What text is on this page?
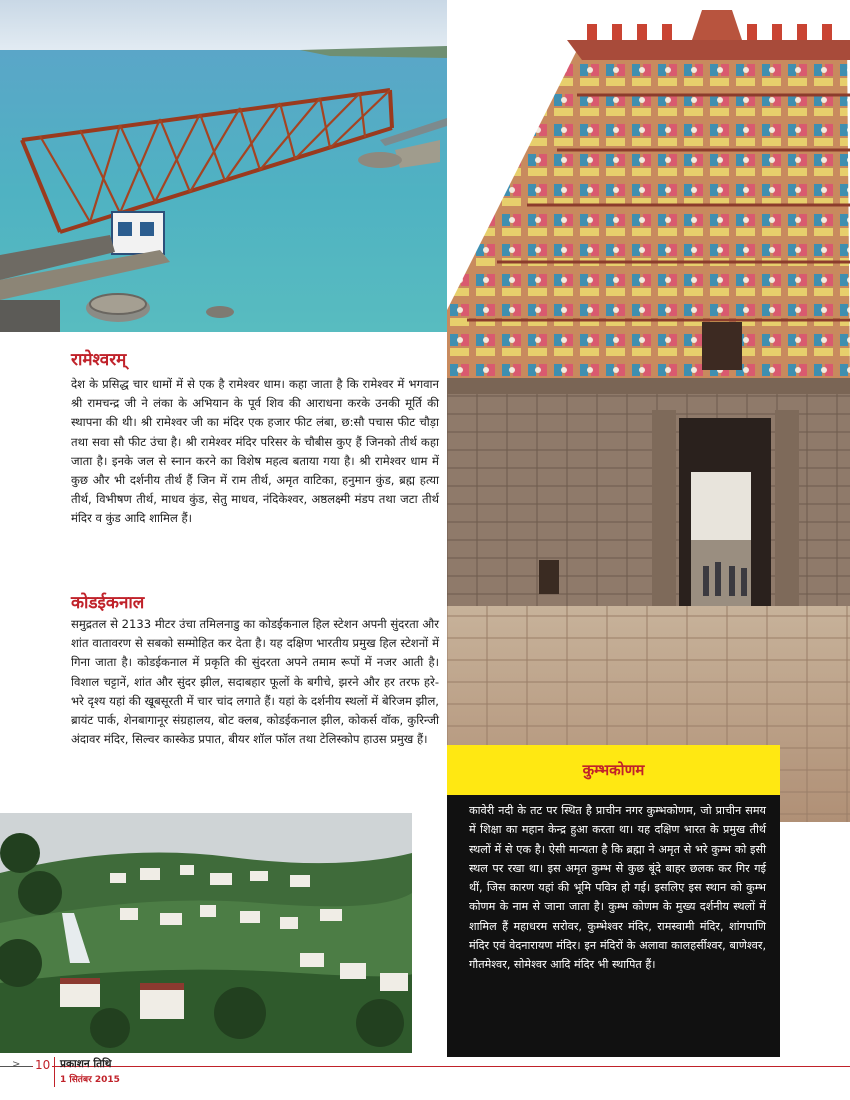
रामेश्वरम्

देश के प्रसिद्ध चार धामों में से एक है रामेश्वर धाम। कहा जाता है कि रामेश्वर में भगवान श्री रामचन्द्र जी ने लंका के अभियान के पूर्व शिव की आराधना करके उनकी मूर्ति की स्थापना की थी। श्री रामेश्वर जी का मंदिर एक हजार फीट लंबा, छ:सौ पचास फीट चौड़ा तथा सवा सौ फीट उंचा है। श्री रामेश्वर मंदिर परिसर के चौबीस कुए हैं जिनको तीर्थ कहा जाता है। इनके जल से स्नान करने का विशेष महत्व बताया गया है। श्री रामेश्वर धाम में कुछ और भी दर्शनीय तीर्थ हैं जिन में राम तीर्थ, अमृत वाटिका, हनुमान कुंड, ब्रह्म हत्या तीर्थ, विभीषण तीर्थ, माधव कुंड, सेतु माधव, नंदिकेश्वर, अष्ठलक्ष्मी मंडप तथा जटा तीर्थ मंदिर व कुंड आदि शामिल हैं।

कोडईकनाल

समुद्रतल से 2133 मीटर उंचा तमिलनाडु का कोडईकनाल हिल स्टेशन अपनी सुंदरता और शांत वातावरण से सबको सम्मोहित कर देता है। यह दक्षिण भारतीय प्रमुख हिल स्टेशनों में गिना जाता है। कोडईकनाल में प्रकृति की सुंदरता अपने तमाम रूपों में नजर आती है। विशाल चट्टानें, शांत और सुंदर झील, सदाबहार फूलों के बगीचे, झरने और हर तरफ हरे-भरे दृश्य यहां की खूबसूरती में चार चांद लगाते हैं। यहां के दर्शनीय स्थलों में बेरिजम झील, ब्रायंट पार्क, शेनबागानूर संग्रहालय, बोट क्लब, कोडईकनाल झील, कोकर्स वॉक, कुरिन्जी अंदावर मंदिर, सिल्वर कास्केड प्रपात, बीयर शॉल फॉल तथा टेलिस्कोप हाउस प्रमुख हैं।

कुम्भकोणम

कावेरी नदी के तट पर स्थित है प्राचीन नगर कुम्भकोणम, जो प्राचीन समय में शिक्षा का महान केन्द्र हुआ करता था। यह दक्षिण भारत के प्रमुख तीर्थ स्थलों में से एक है। ऐसी मान्यता है कि ब्रह्मा ने अमृत से भरे कुम्भ को इसी स्थल पर रखा था। इस अमृत कुम्भ से कुछ बूंदे बाहर छलक कर गिर गई थीं, जिस कारण यहां की भूमि पवित्र हो गई। इसलिए इस स्थान को कुम्भ कोणम के नाम से जाना जाता है। कुम्भ कोणम के मुख्य दर्शनीय स्थलों में शामिल हैं महाधरम सरोवर, कुम्भेश्वर मंदिर, रामस्वामी मंदिर, शांगपाणि मंदिर एवं वेदनारायण मंदिर। इन मंदिरों के अलावा कालहर्सीश्वर, बाणेश्वर, गौतमेश्वर, सोमेश्वर आदि मंदिर भी स्थापित हैं।

> 10 प्रकाशन तिथि
1 सितंबर 2015
